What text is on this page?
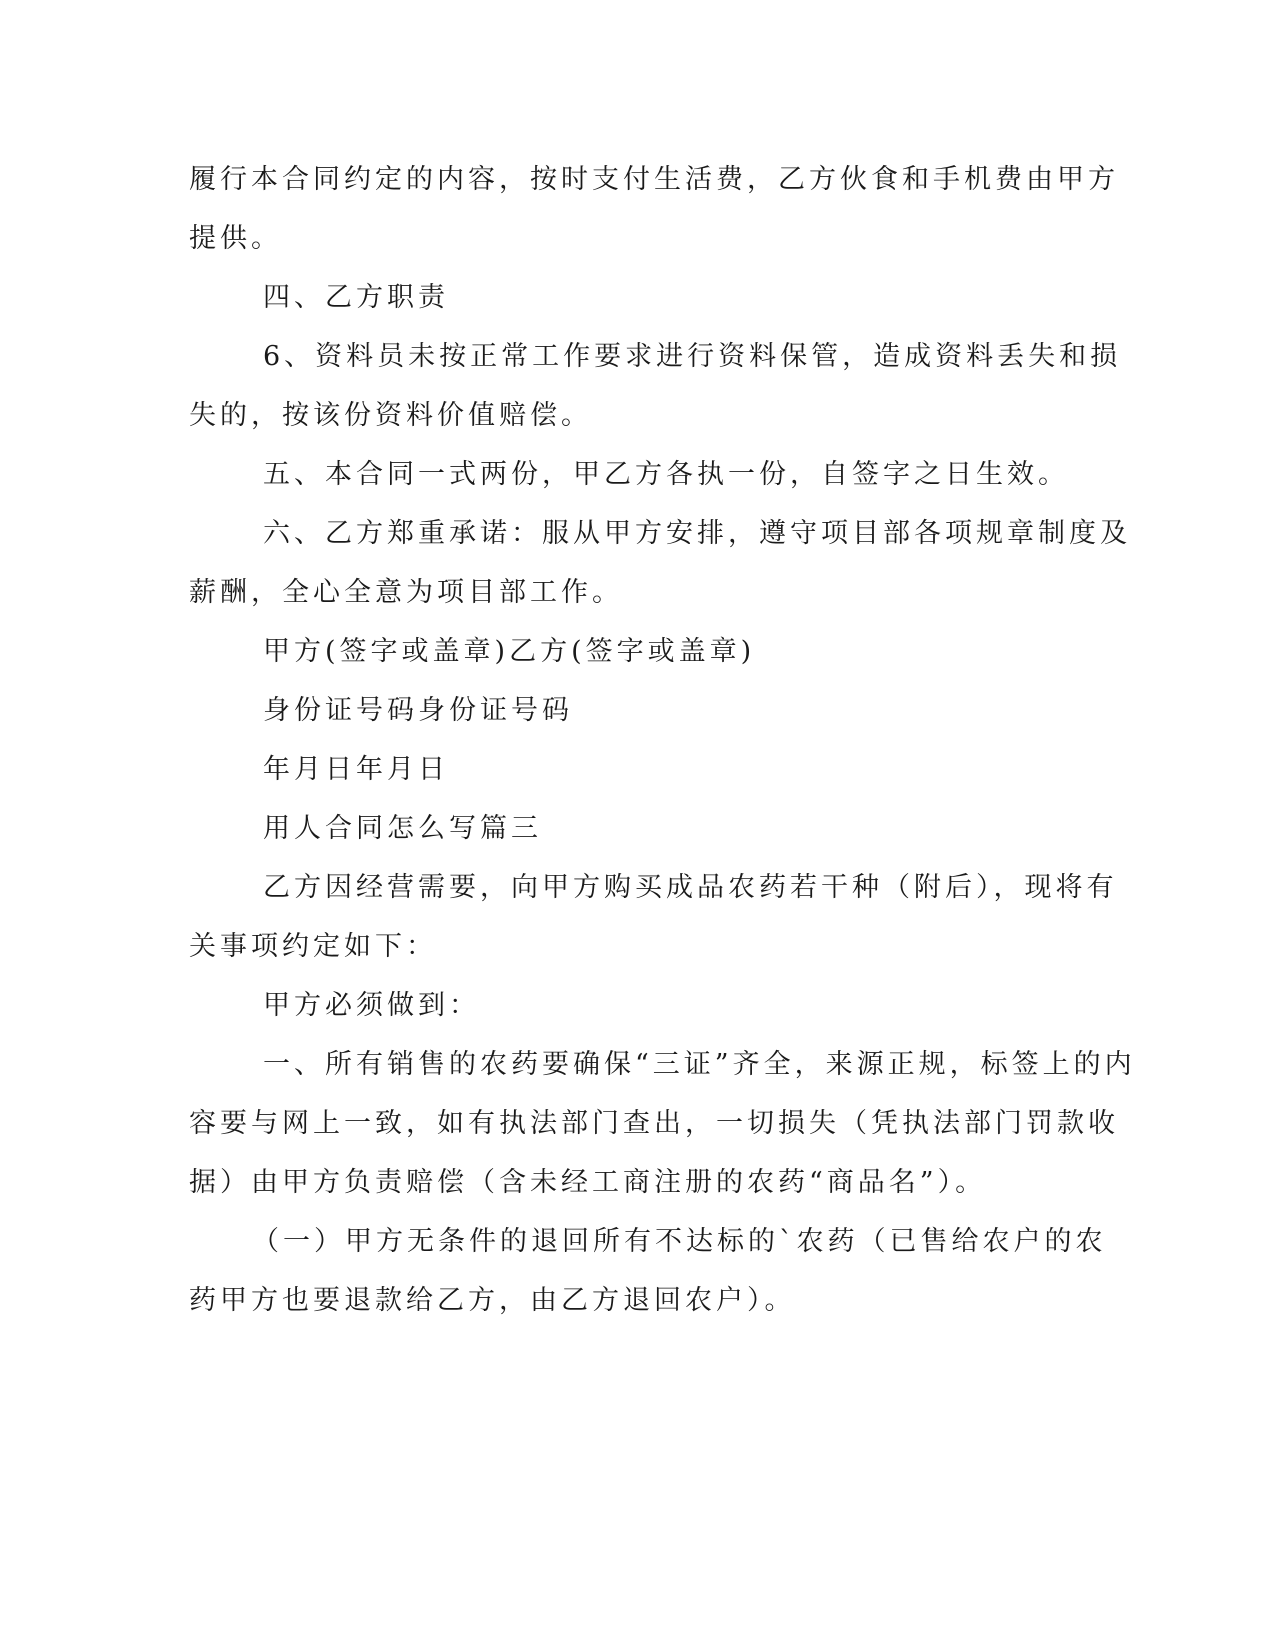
履行本合同约定的内容，按时支付生活费，乙方伙食和手机费由甲方
提供。
四、乙方职责
6、资料员未按正常工作要求进行资料保管，造成资料丢失和损
失的，按该份资料价值赔偿。
五、本合同一式两份，甲乙方各执一份，自签字之日生效。
六、乙方郑重承诺：服从甲方安排，遵守项目部各项规章制度及
薪酬，全心全意为项目部工作。
甲方(签字或盖章)乙方(签字或盖章)
身份证号码身份证号码
年月日年月日
用人合同怎么写篇三
乙方因经营需要，向甲方购买成品农药若干种（附后），现将有
关事项约定如下：
甲方必须做到：
一、所有销售的农药要确保“三证”齐全，来源正规，标签上的内
容要与网上一致，如有执法部门查出，一切损失（凭执法部门罚款收
据）由甲方负责赔偿（含未经工商注册的农药“商品名”）。
（一）甲方无条件的退回所有不达标的`农药（已售给农户的农
药甲方也要退款给乙方，由乙方退回农户）。
